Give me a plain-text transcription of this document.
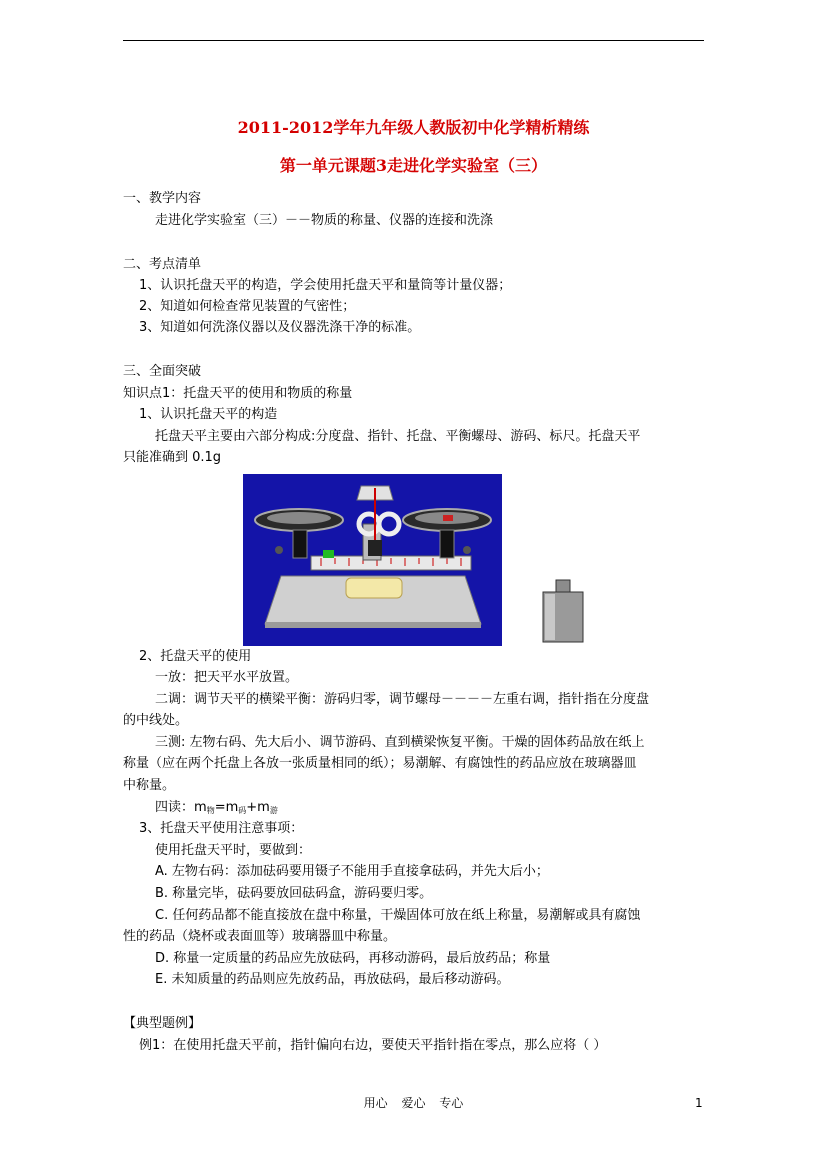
2011-2012学年九年级人教版初中化学精析精练
第一单元课题3走进化学实验室（三）
一、教学内容
走进化学实验室（三）－－物质的称量、仪器的连接和洗涤
二、考点清单
1、认识托盘天平的构造，学会使用托盘天平和量筒等计量仪器；
2、知道如何检查常见装置的气密性；
3、知道如何洗涤仪器以及仪器洗涤干净的标准。
三、全面突破
知识点1：托盘天平的使用和物质的称量
1、认识托盘天平的构造
托盘天平主要由六部分构成:分度盘、指针、托盘、平衡螺母、游码、标尺。托盘天平
只能准确到 0.1g
2、托盘天平的使用
一放：把天平水平放置。
二调：调节天平的横梁平衡：游码归零，调节螺母－－－－左重右调，指针指在分度盘
的中线处。
三测: 左物右码、先大后小、调节游码、直到横梁恢复平衡。干燥的固体药品放在纸上
称量（应在两个托盘上各放一张质量相同的纸）；易潮解、有腐蚀性的药品应放在玻璃器皿
中称量。
四读：$m_物=m_码+m_游$
3、托盘天平使用注意事项：
使用托盘天平时，要做到：
A. 左物右码：添加砝码要用镊子不能用手直接拿砝码，并先大后小；
B. 称量完毕，砝码要放回砝码盒，游码要归零。
C. 任何药品都不能直接放在盘中称量，干燥固体可放在纸上称量，易潮解或具有腐蚀
性的药品（烧杯或表面皿等）玻璃器皿中称量。
D. 称量一定质量的药品应先放砝码，再移动游码，最后放药品；称量
E. 未知质量的药品则应先放药品，再放砝码，最后移动游码。
【典型题例】
例1：在使用托盘天平前，指针偏向右边，要使天平指针指在零点，那么应将（ ）
用心 爱心 专心	1
